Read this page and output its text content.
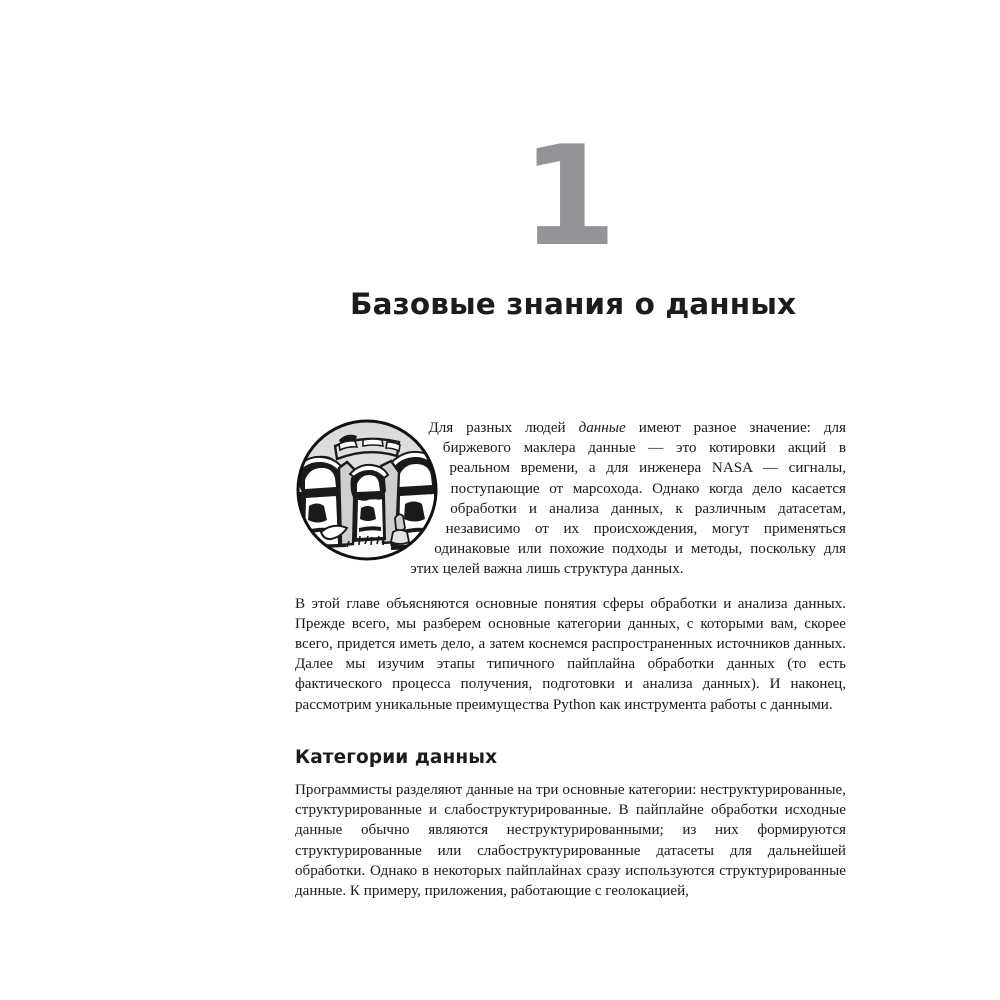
1
Базовые знания о данных

Для разных людей данные имеют разное значение: для биржевого маклера данные — это котировки акций в реальном времени, а для инженера NASA — сигналы, поступающие от марсохода. Однако когда дело касается обработки и анализа данных, к различным датасетам, независимо от их происхождения, могут применяться одинаковые или похожие подходы и методы, поскольку для этих целей важна лишь структура данных.

В этой главе объясняются основные понятия сферы обработки и анализа данных. Прежде всего, мы разберем основные категории данных, с которыми вам, скорее всего, придется иметь дело, а затем коснемся распространенных источников данных. Далее мы изучим этапы типичного пайплайна обработки данных (то есть фактического процесса получения, подготовки и анализа данных). И наконец, рассмотрим уникальные преимущества Python как инструмента работы с данными.

Категории данных

Программисты разделяют данные на три основные категории: неструктурированные, структурированные и слабоструктурированные. В пайплайне обработки исходные данные обычно являются неструктурированными; из них формируются структурированные или слабоструктурированные датасеты для дальнейшей обработки. Однако в некоторых пайплайнах сразу используются структурированные данные. К примеру, приложения, работающие с геолокацией,
